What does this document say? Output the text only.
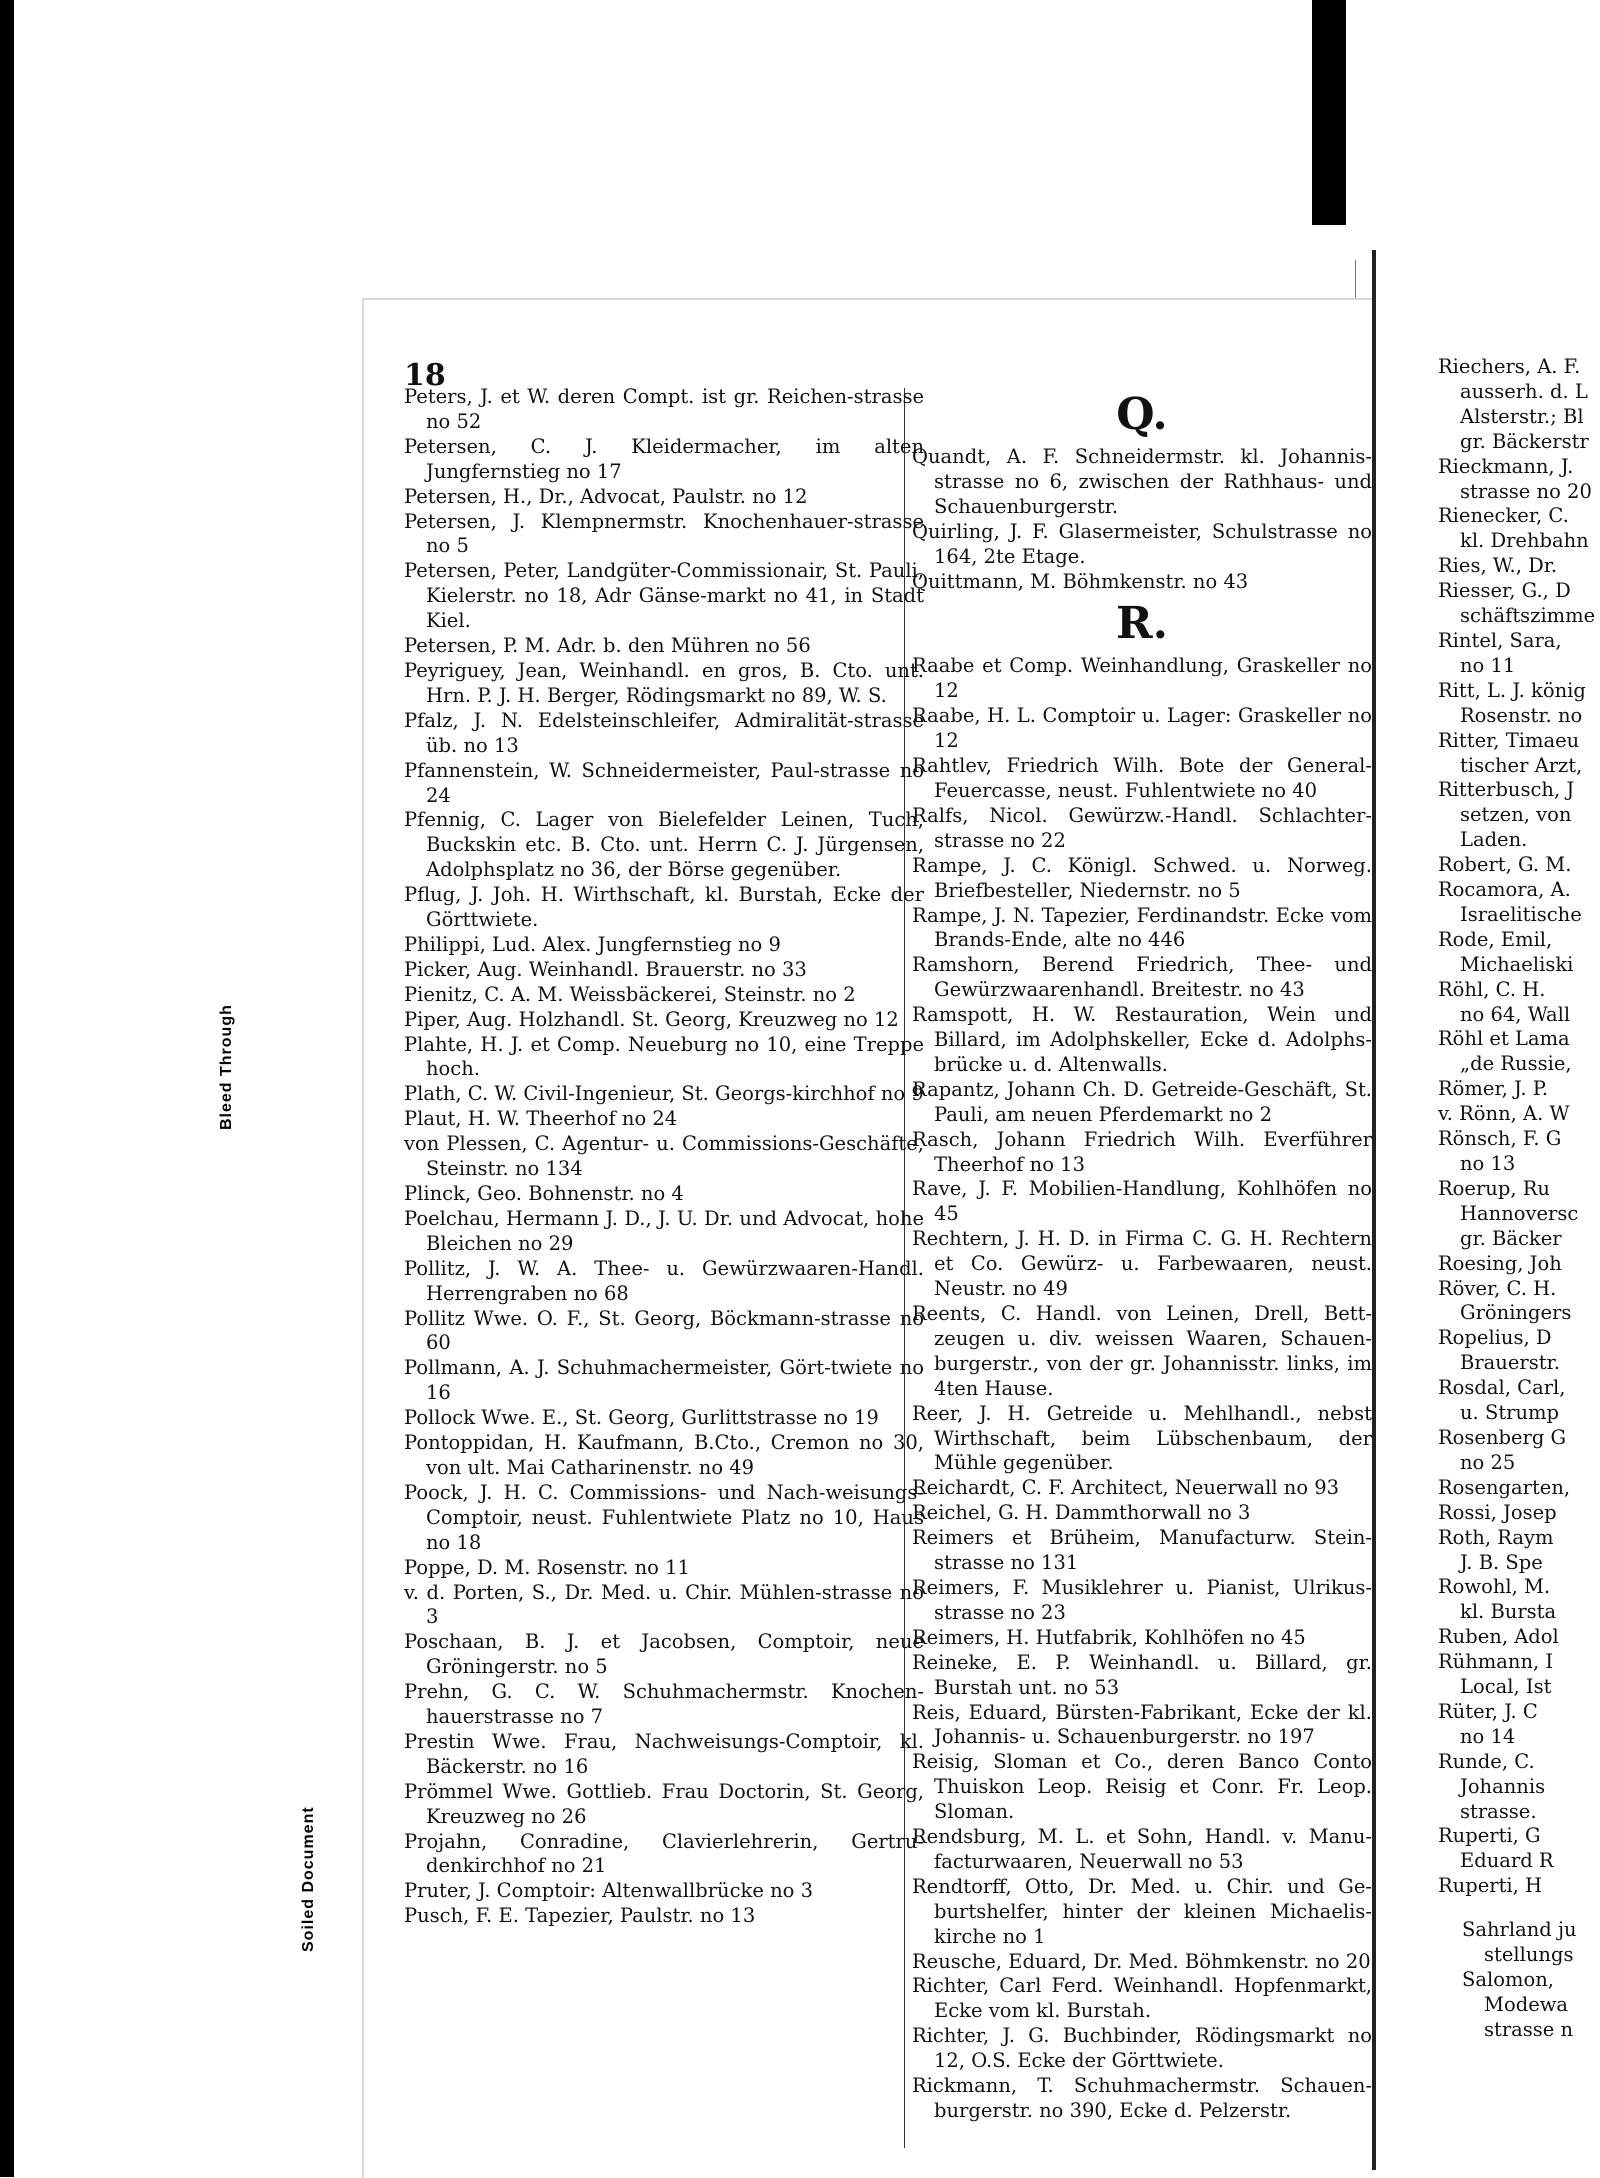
Bleed Through
Soiled Document
18

Peters, J. et W. deren Compt. ist gr. Reichen-strasse no 52

Petersen, C. J. Kleidermacher, im alten Jungfernstieg no 17

Petersen, H., Dr., Advocat, Paulstr. no 12

Petersen, J. Klempnermstr. Knochenhauer-strasse no 5

Petersen, Peter, Landgüter-Commissionair, St. Pauli, Kielerstr. no 18, Adr Gänse-markt no 41, in Stadt Kiel.

Petersen, P. M. Adr. b. den Mühren no 56

Peyriguey, Jean, Weinhandl. en gros, B. Cto. unt. Hrn. P. J. H. Berger, Rödingsmarkt no 89, W. S.

Pfalz, J. N. Edelsteinschleifer, Admiralität-strasse üb. no 13

Pfannenstein, W. Schneidermeister, Paul-strasse no 24

Pfennig, C. Lager von Bielefelder Leinen, Tuch, Buckskin etc. B. Cto. unt. Herrn C. J. Jürgensen, Adolphsplatz no 36, der Börse gegenüber.

Pflug, J. Joh. H. Wirthschaft, kl. Burstah, Ecke der Görttwiete.

Philippi, Lud. Alex. Jungfernstieg no 9

Picker, Aug. Weinhandl. Brauerstr. no 33

Pienitz, C. A. M. Weissbäckerei, Steinstr. no 2

Piper, Aug. Holzhandl. St. Georg, Kreuzweg no 12

Plahte, H. J. et Comp. Neueburg no 10, eine Treppe hoch.

Plath, C. W. Civil-Ingenieur, St. Georgs-kirchhof no 9

Plaut, H. W. Theerhof no 24

von Plessen, C. Agentur- u. Commissions-Geschäfte, Steinstr. no 134

Plinck, Geo. Bohnenstr. no 4

Poelchau, Hermann J. D., J. U. Dr. und Advocat, hohe Bleichen no 29

Pollitz, J. W. A. Thee- u. Gewürzwaaren-Handl. Herrengraben no 68

Pollitz Wwe. O. F., St. Georg, Böckmann-strasse no 60

Pollmann, A. J. Schuhmachermeister, Gört-twiete no 16

Pollock Wwe. E., St. Georg, Gurlittstrasse no 19

Pontoppidan, H. Kaufmann, B.Cto., Cremon no 30, von ult. Mai Catharinenstr. no 49

Poock, J. H. C. Commissions- und Nach-weisungs-Comptoir, neust. Fuhlentwiete Platz no 10, Haus no 18

Poppe, D. M. Rosenstr. no 11

v. d. Porten, S., Dr. Med. u. Chir. Mühlen-strasse no 3

Poschaan, B. J. et Jacobsen, Comptoir, neue Gröningerstr. no 5

Prehn, G. C. W. Schuhmachermstr. Knochen-hauerstrasse no 7

Prestin Wwe. Frau, Nachweisungs-Comptoir, kl. Bäckerstr. no 16

Prömmel Wwe. Gottlieb. Frau Doctorin, St. Georg, Kreuzweg no 26

Projahn, Conradine, Clavierlehrerin, Gertru-denkirchhof no 21

Pruter, J. Comptoir: Altenwallbrücke no 3

Pusch, F. E. Tapezier, Paulstr. no 13

Q.

Quandt, A. F. Schneidermstr. kl. Johannis-strasse no 6, zwischen der Rathhaus- und Schauenburgerstr.

Quirling, J. F. Glasermeister, Schulstrasse no 164, 2te Etage.

Quittmann, M. Böhmkenstr. no 43

R.

Raabe et Comp. Weinhandlung, Graskeller no 12

Raabe, H. L. Comptoir u. Lager: Graskeller no 12

Rahtlev, Friedrich Wilh. Bote der General-Feuercasse, neust. Fuhlentwiete no 40

Ralfs, Nicol. Gewürzw.-Handl. Schlachter-strasse no 22

Rampe, J. C. Königl. Schwed. u. Norweg. Briefbesteller, Niedernstr. no 5

Rampe, J. N. Tapezier, Ferdinandstr. Ecke vom Brands-Ende, alte no 446

Ramshorn, Berend Friedrich, Thee- und Gewürzwaarenhandl. Breitestr. no 43

Ramspott, H. W. Restauration, Wein und Billard, im Adolphskeller, Ecke d. Adolphs-brücke u. d. Altenwalls.

Rapantz, Johann Ch. D. Getreide-Geschäft, St. Pauli, am neuen Pferdemarkt no 2

Rasch, Johann Friedrich Wilh. Everführer Theerhof no 13

Rave, J. F. Mobilien-Handlung, Kohlhöfen no 45

Rechtern, J. H. D. in Firma C. G. H. Rechtern et Co. Gewürz- u. Farbewaaren, neust. Neustr. no 49

Reents, C. Handl. von Leinen, Drell, Bett-zeugen u. div. weissen Waaren, Schauen-burgerstr., von der gr. Johannisstr. links, im 4ten Hause.

Reer, J. H. Getreide u. Mehlhandl., nebst Wirthschaft, beim Lübschenbaum, der Mühle gegenüber.

Reichardt, C. F. Architect, Neuerwall no 93

Reichel, G. H. Dammthorwall no 3

Reimers et Brüheim, Manufacturw. Stein-strasse no 131

Reimers, F. Musiklehrer u. Pianist, Ulrikus-strasse no 23

Reimers, H. Hutfabrik, Kohlhöfen no 45

Reineke, E. P. Weinhandl. u. Billard, gr. Burstah unt. no 53

Reis, Eduard, Bürsten-Fabrikant, Ecke der kl. Johannis- u. Schauenburgerstr. no 197

Reisig, Sloman et Co., deren Banco Conto Thuiskon Leop. Reisig et Conr. Fr. Leop. Sloman.

Rendsburg, M. L. et Sohn, Handl. v. Manu-facturwaaren, Neuerwall no 53

Rendtorff, Otto, Dr. Med. u. Chir. und Ge-burtshelfer, hinter der kleinen Michaelis-kirche no 1

Reusche, Eduard, Dr. Med. Böhmkenstr. no 20

Richter, Carl Ferd. Weinhandl. Hopfenmarkt, Ecke vom kl. Burstah.

Richter, J. G. Buchbinder, Rödingsmarkt no 12, O.S. Ecke der Görttwiete.

Rickmann, T. Schuhmachermstr. Schauen-burgerstr. no 390, Ecke d. Pelzerstr.

Riechers, A. F.

ausserh. d. L

Alsterstr.; Bl

gr. Bäckerstr

Rieckmann, J.

strasse no 20

Rienecker, C.

kl. Drehbahn

Ries, W., Dr.

Riesser, G., D

schäftszimme

Rintel, Sara,

no 11

Ritt, L. J. könig

Rosenstr. no

Ritter, Timaeu

tischer Arzt,

Ritterbusch, J

setzen, von

Laden.

Robert, G. M.

Rocamora, A.

Israelitische

Rode, Emil,

Michaeliski

Röhl, C. H.

no 64, Wall

Röhl et Lama

„de Russie,

Römer, J. P.

v. Rönn, A. W

Rönsch, F. G

no 13

Roerup, Ru

Hannoversc

gr. Bäcker

Roesing, Joh

Röver, C. H.

Gröningers

Ropelius, D

Brauerstr.

Rosdal, Carl,

u. Strump

Rosenberg G

no 25

Rosengarten,

Rossi, Josep

Roth, Raym

J. B. Spe

Rowohl, M.

kl. Bursta

Ruben, Adol

Rühmann, I

Local, Ist

Rüter, J. C

no 14

Runde, C.

Johannis

strasse.

Ruperti, G

Eduard R

Ruperti, H

Sahrland ju

stellungs

Salomon,

Modewa

strasse n
